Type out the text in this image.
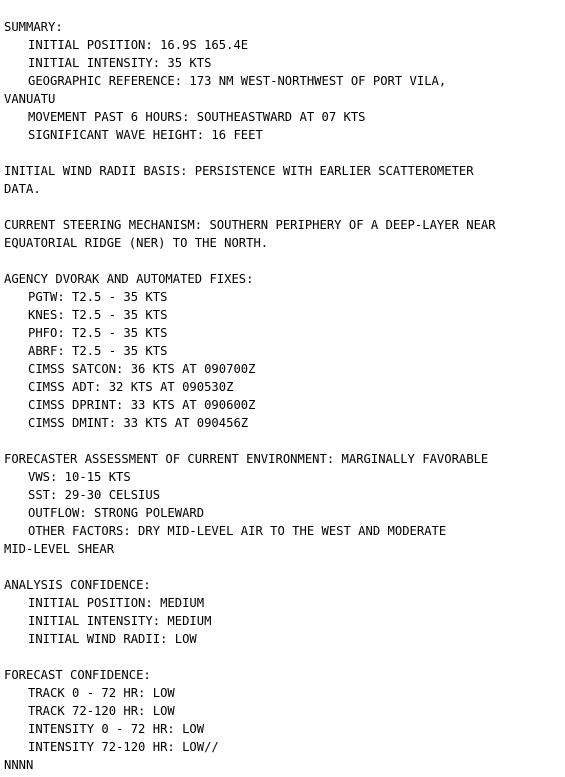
SUMMARY:
INITIAL POSITION: 16.9S 165.4E
INITIAL INTENSITY: 35 KTS
GEOGRAPHIC REFERENCE: 173 NM WEST-NORTHWEST OF PORT VILA,
VANUATU
MOVEMENT PAST 6 HOURS: SOUTHEASTWARD AT 07 KTS
SIGNIFICANT WAVE HEIGHT: 16 FEET
INITIAL WIND RADII BASIS: PERSISTENCE WITH EARLIER SCATTEROMETER
DATA.
CURRENT STEERING MECHANISM: SOUTHERN PERIPHERY OF A DEEP-LAYER NEAR
EQUATORIAL RIDGE (NER) TO THE NORTH.
AGENCY DVORAK AND AUTOMATED FIXES:
PGTW: T2.5 - 35 KTS
KNES: T2.5 - 35 KTS
PHFO: T2.5 - 35 KTS
ABRF: T2.5 - 35 KTS
CIMSS SATCON: 36 KTS AT 090700Z
CIMSS ADT: 32 KTS AT 090530Z
CIMSS DPRINT: 33 KTS AT 090600Z
CIMSS DMINT: 33 KTS AT 090456Z
FORECASTER ASSESSMENT OF CURRENT ENVIRONMENT: MARGINALLY FAVORABLE
VWS: 10-15 KTS
SST: 29-30 CELSIUS
OUTFLOW: STRONG POLEWARD
OTHER FACTORS: DRY MID-LEVEL AIR TO THE WEST AND MODERATE
MID-LEVEL SHEAR
ANALYSIS CONFIDENCE:
INITIAL POSITION: MEDIUM
INITIAL INTENSITY: MEDIUM
INITIAL WIND RADII: LOW
FORECAST CONFIDENCE:
TRACK 0 - 72 HR: LOW
TRACK 72-120 HR: LOW
INTENSITY 0 - 72 HR: LOW
INTENSITY 72-120 HR: LOW//
NNNN
